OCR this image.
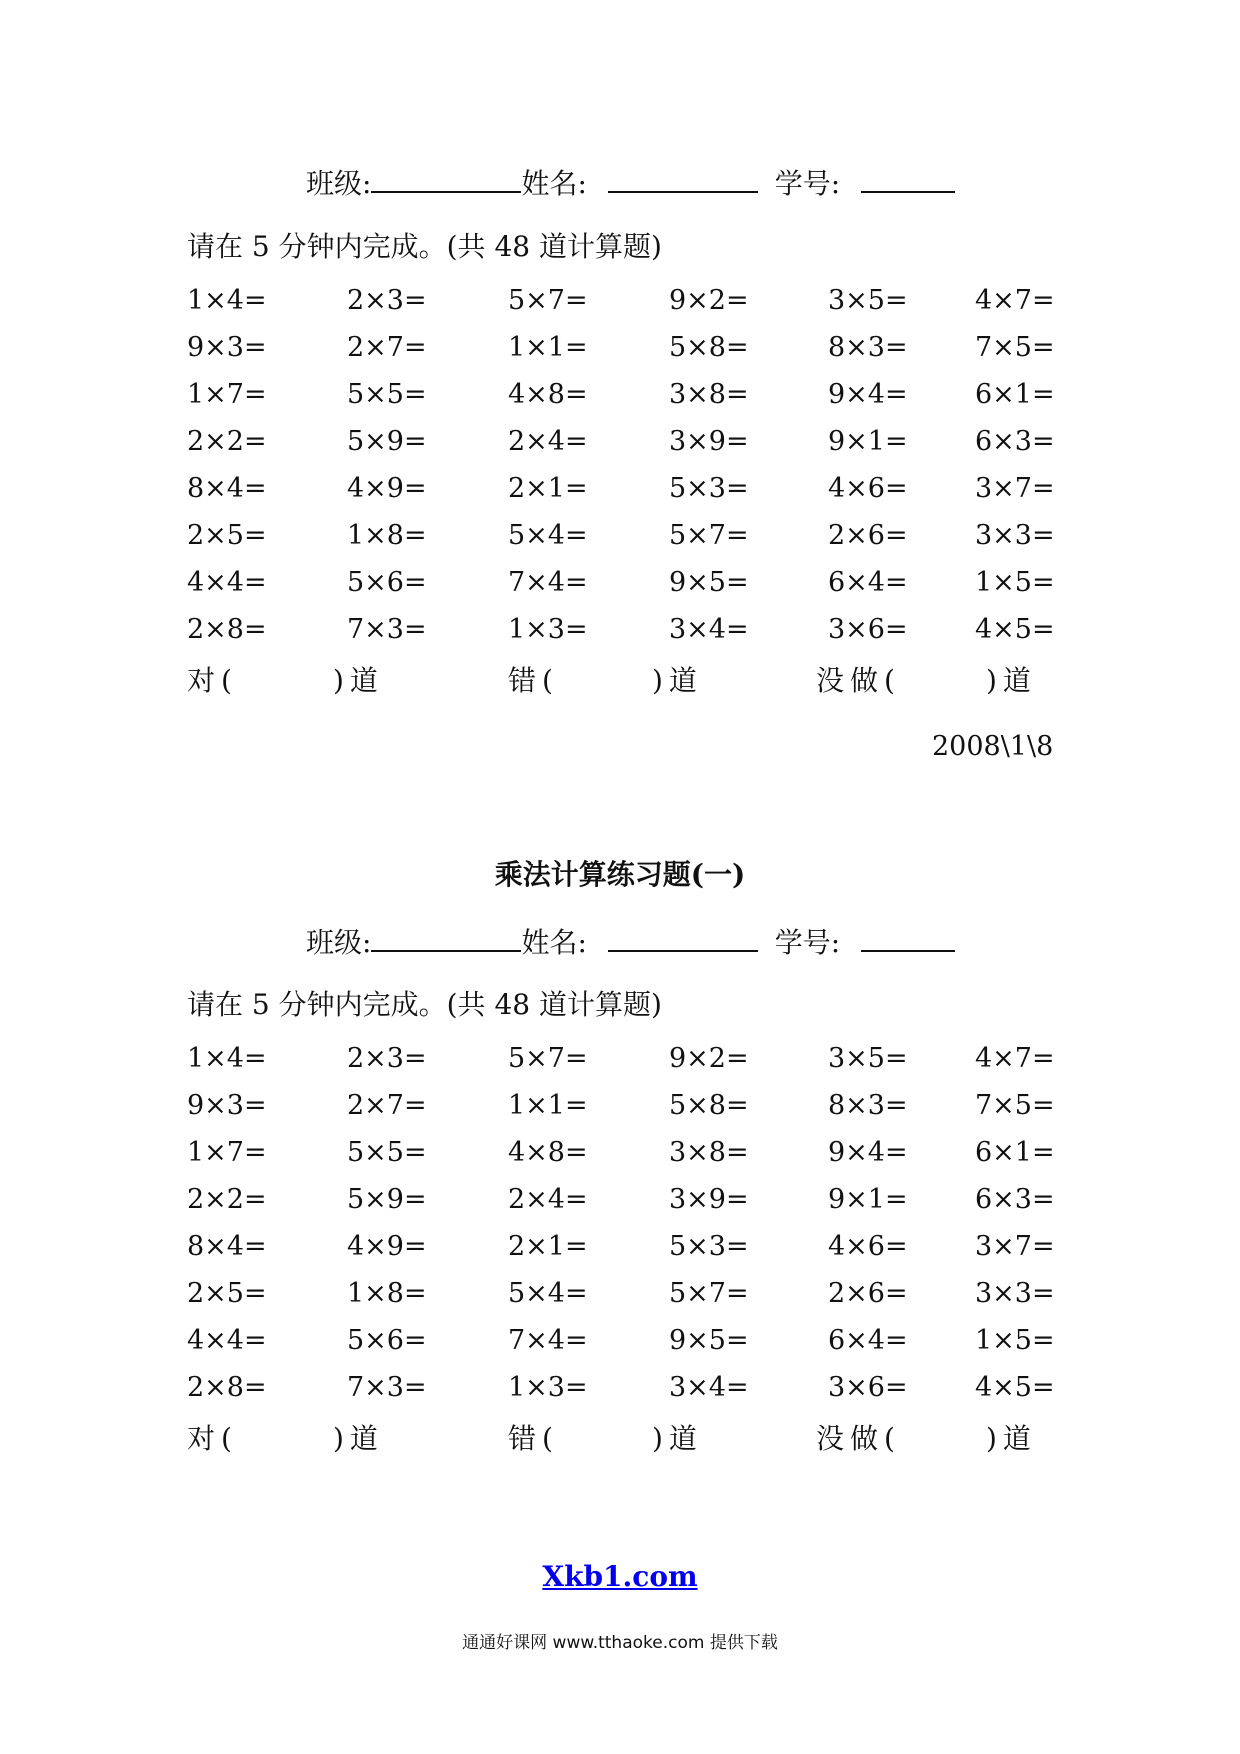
班级:	姓名:	学号:
请在 5 分钟内完成。(共 48 道计算题)
1×4=	2×3=	5×7=	9×2=	3×5= 4×7=
9×3=	2×7=	1×1=	5×8=	8×3= 7×5=
1×7=	5×5=	4×8=	3×8=	9×4= 6×1=
2×2=	5×9=	2×4=	3×9=	9×1= 6×3=
8×4=	4×9=	2×1=	5×3=	4×6= 3×7=
2×5=	1×8=	5×4=	5×7=	2×6= 3×3=
4×4=	5×6=	7×4=	9×5=	6×4= 1×5=
2×8=	7×3=	1×3=	3×4=	3×6= 4×5=
对(	)道	错(	)道	没做(	)道
2008\1\8
乘法计算练习题(一)
班级:	姓名:	学号:
请在 5 分钟内完成。(共 48 道计算题)
1×4=	2×3=	5×7=	9×2=	3×5= 4×7=
9×3=	2×7=	1×1=	5×8=	8×3= 7×5=
1×7=	5×5=	4×8=	3×8=	9×4= 6×1=
2×2=	5×9=	2×4=	3×9=	9×1= 6×3=
8×4=	4×9=	2×1=	5×3=	4×6= 3×7=
2×5=	1×8=	5×4=	5×7=	2×6= 3×3=
4×4=	5×6=	7×4=	9×5=	6×4= 1×5=
2×8=	7×3=	1×3=	3×4=	3×6= 4×5=
对(	)道	错(	)道	没做(	)道
Xkb1.com
通通好课网 www.tthaoke.com 提供下载
